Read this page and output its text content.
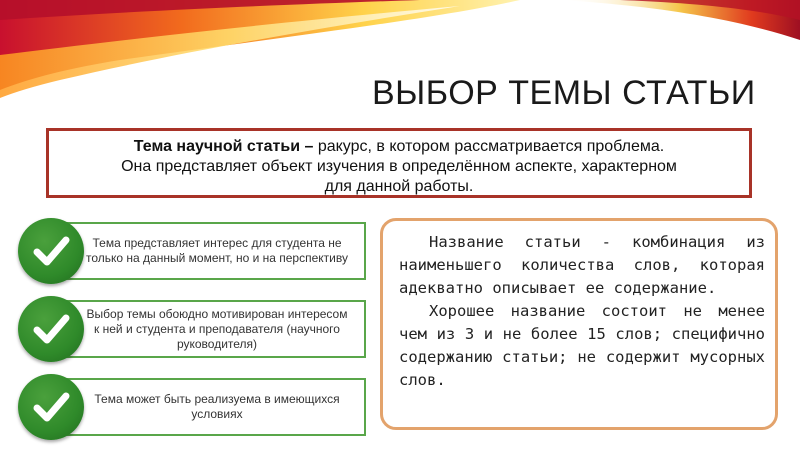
ВЫБОР ТЕМЫ СТАТЬИ
Тема научной статьи – ракурс, в котором рассматривается проблема.
Она представляет объект изучения в определённом аспекте, характерном
для данной работы.
Тема представляет интерес для студента не только на данный момент, но и на перспективу
Выбор темы обоюдно мотивирован интересом к ней и студента и преподавателя (научного руководителя)
Тема может быть реализуема в имеющихся условиях

Название статьи - комбинация из наименьшего количества слов, которая адекватно описывает ее содержание.

Хорошее название состоит не менее чем из 3 и не более 15 слов; специфично содержанию статьи; не содержит мусорных слов.
